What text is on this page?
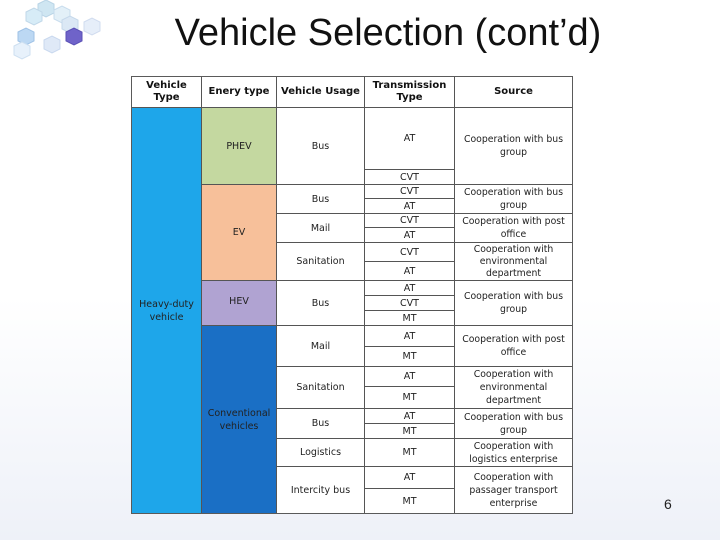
Vehicle Selection (cont’d)
Vehicle Type
Enery type	Vehicle Usage
Transmission Type
Source
Heavy-duty vehicle
PHEV
EV
HEV
Conventional vehicles
Bus
Bus
Mail
Sanitation
Bus
Mail
Sanitation
Bus
Logistics
Intercity bus
AT
CVT
CVT
AT
CVT
AT
CVT
AT
AT
CVT
MT
AT
MT
AT
MT
AT
MT
MT
AT
MT
Cooperation with bus group
Cooperation with bus group
Cooperation with post office
Cooperation with environmental department
Cooperation with bus group
Cooperation with post office
Cooperation with environmental department
Cooperation with bus group
Cooperation with logistics enterprise
Cooperation with passager transport enterprise	6
